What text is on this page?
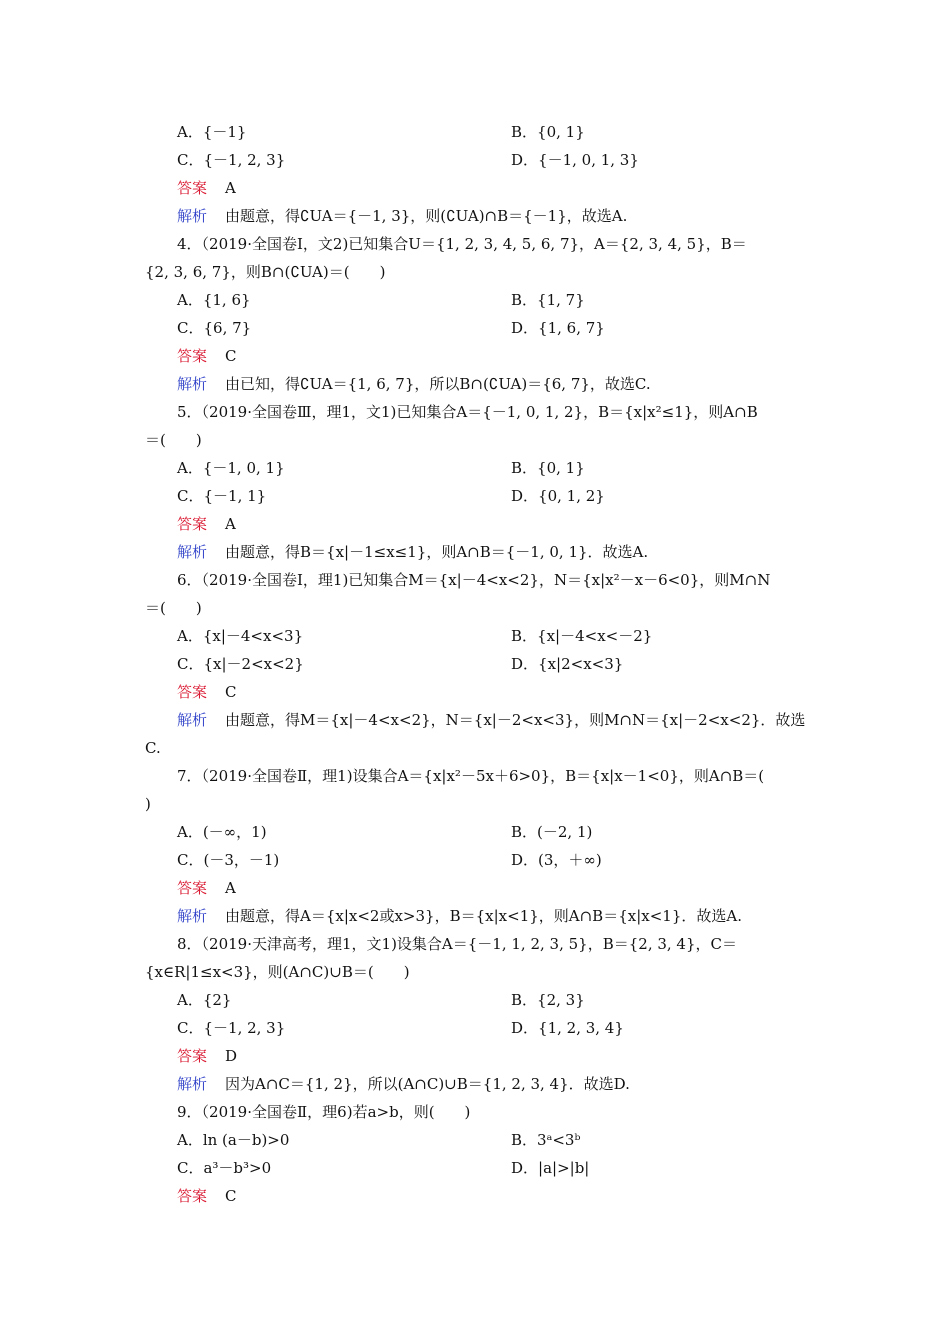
A．{－1}	B．{0, 1}
C．{－1, 2, 3}	D．{－1, 0, 1, 3}
答案 A
解析 由题意，得∁UA＝{－1, 3}，则(∁UA)∩B＝{－1}，故选A.
4．（2019·全国卷Ⅰ，文2)已知集合U＝{1, 2, 3, 4, 5, 6, 7}，A＝{2, 3, 4, 5}，B＝
{2, 3, 6, 7}，则B∩(∁UA)＝(　　)
A．{1, 6}	B．{1, 7}
C．{6, 7}	D．{1, 6, 7}
答案 C
解析 由已知，得∁UA＝{1, 6, 7}，所以B∩(∁UA)＝{6, 7}，故选C.
5．（2019·全国卷Ⅲ，理1，文1)已知集合A＝{－1, 0, 1, 2}，B＝{x|x²≤1}，则A∩B
＝(　　)
A．{－1, 0, 1}	B．{0, 1}
C．{－1, 1}	D．{0, 1, 2}
答案 A
解析 由题意，得B＝{x|－1≤x≤1}，则A∩B＝{－1, 0, 1}．故选A.
6．（2019·全国卷Ⅰ，理1)已知集合M＝{x|－4<x<2}，N＝{x|x²－x－6<0}，则M∩N
＝(　　)
A．{x|－4<x<3}	B．{x|－4<x<－2}
C．{x|－2<x<2}	D．{x|2<x<3}
答案 C
解析 由题意，得M＝{x|－4<x<2}，N＝{x|－2<x<3}，则M∩N＝{x|－2<x<2}．故选
C.
7．（2019·全国卷Ⅱ，理1)设集合A＝{x|x²－5x＋6>0}，B＝{x|x－1<0}，则A∩B＝(
)
A．(－∞，1)	B．(－2, 1)
C．(－3，－1)	D．(3，＋∞)
答案 A
解析 由题意，得A＝{x|x<2或x>3}，B＝{x|x<1}，则A∩B＝{x|x<1}．故选A.
8．（2019·天津高考，理1，文1)设集合A＝{－1, 1, 2, 3, 5}，B＝{2, 3, 4}，C＝
{x∈R|1≤x<3}，则(A∩C)∪B＝(　　)
A．{2}	B．{2, 3}
C．{－1, 2, 3}	D．{1, 2, 3, 4}
答案 D
解析 因为A∩C＝{1, 2}，所以(A∩C)∪B＝{1, 2, 3, 4}．故选D.
9．（2019·全国卷Ⅱ，理6)若a>b，则(　　)
A．ln (a－b)>0	B．3ᵃ<3ᵇ
C．a³－b³>0	D．|a|>|b|
答案 C
